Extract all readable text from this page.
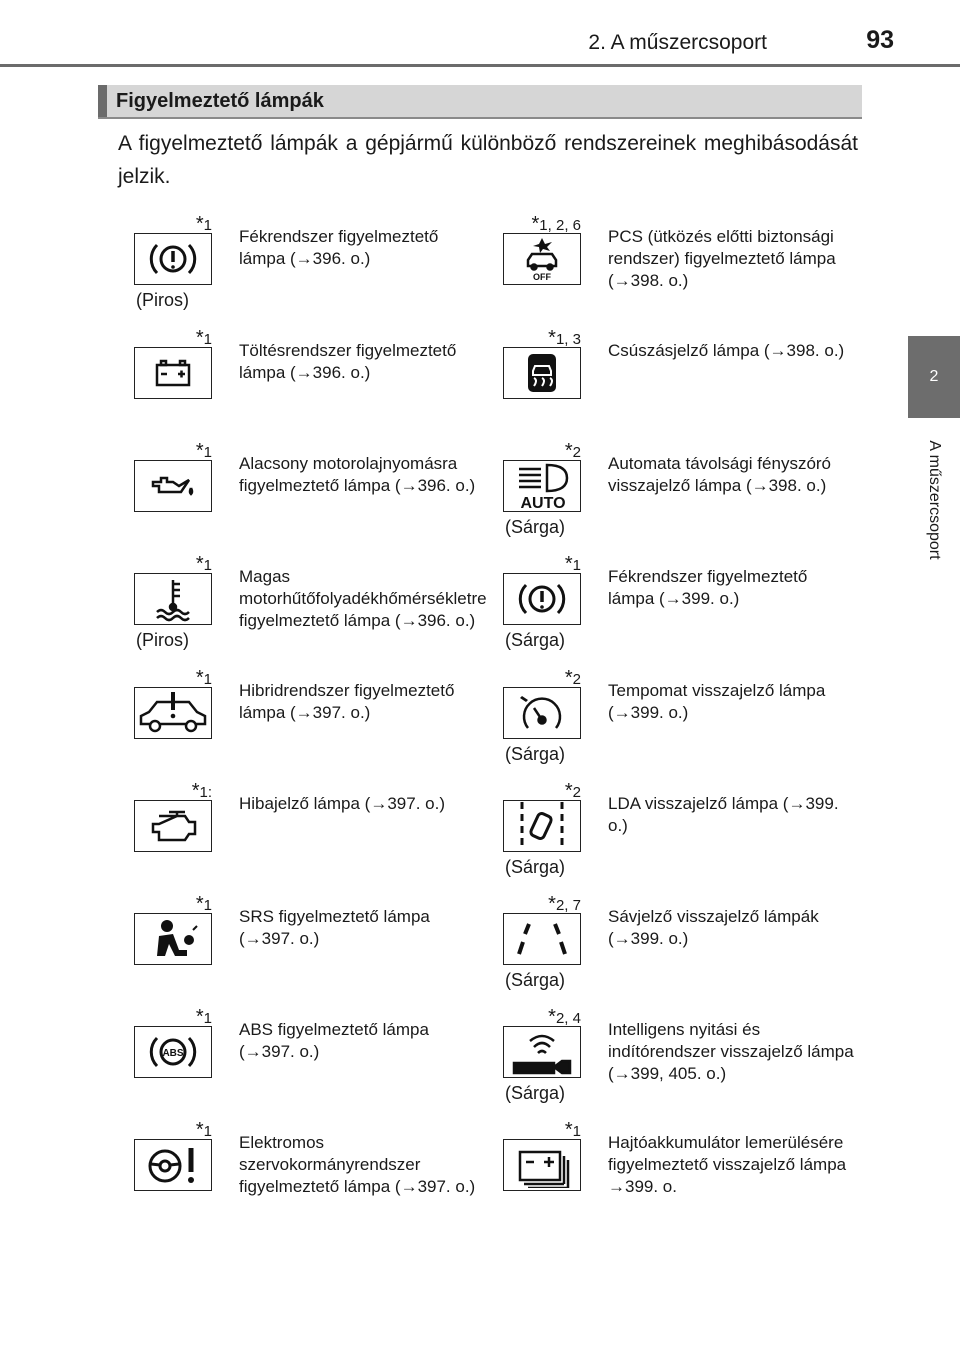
2. A műszercsoport	93
2
A műszercsoport
Figyelmeztető lámpák
A figyelmeztető lámpák a gépjármű különböző rendszereinek meghibásodását jelzik.
*1
(Piros)
Fékrendszer figyelmeztető lámpa (→396. o.)
*1, 2, 6
OFF
PCS (ütközés előtti biztonsági rendszer) figyelmeztető lámpa (→398. o.)
*1
Töltésrendszer figyelmeztető lámpa (→396. o.)
*1, 3
Csúszásjelző lámpa (→398. o.)
*1
Alacsony motorolajnyomásra figyelmeztető lámpa (→396. o.)
*2
AUTO
(Sárga)
Automata távolsági fényszóró visszajelző lámpa (→398. o.)
*1
(Piros)
Magas motorhűtőfolyadékhőmérsékletre figyelmeztető lámpa (→396. o.)
*1
(Sárga)
Fékrendszer figyelmeztető lámpa (→399. o.)
*1
Hibridrendszer figyelmeztető lámpa (→397. o.)
*2
(Sárga)
Tempomat visszajelző lámpa (→399. o.)
*1:
Hibajelző lámpa (→397. o.)
*2
(Sárga)
LDA visszajelző lámpa (→399. o.)
*1
SRS figyelmeztető lámpa (→397. o.)
*2, 7
(Sárga)
Sávjelző visszajelző lámpák (→399. o.)
*1
ABS
ABS figyelmeztető lámpa (→397. o.)
*2, 4
(Sárga)
Intelligens nyitási és indítórendszer visszajelző lámpa (→399, 405. o.)
*1
Elektromos szervokormányrendszer figyelmeztető lámpa (→397. o.)
*1
Hajtóakkumulátor lemerülésére figyelmeztető visszajelző lámpa →399. o.
